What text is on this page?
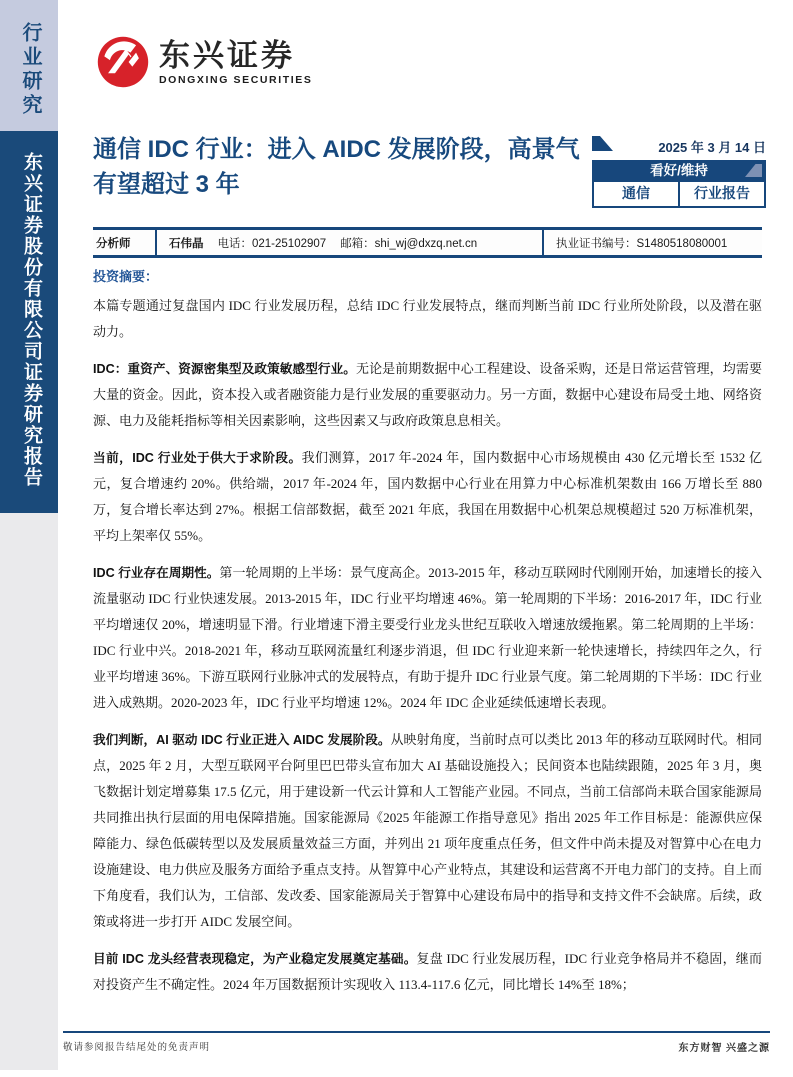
行业研究
东兴证券股份有限公司证券研究报告
东兴证券
DONGXING SECURITIES
通信 IDC 行业：进入 AIDC 发展阶段，高景气有望超过 3 年
2025 年 3 月 14 日
看好/维持
通信	行业报告
分析师	石伟晶 电话：021-25102907 邮箱：shi_wj@dxzq.net.cn	执业证书编号：S1480518080001
投资摘要：

本篇专题通过复盘国内 IDC 行业发展历程，总结 IDC 行业发展特点，继而判断当前 IDC 行业所处阶段，以及潜在驱动力。

IDC：重资产、资源密集型及政策敏感型行业。无论是前期数据中心工程建设、设备采购，还是日常运营管理，均需要大量的资金。因此，资本投入或者融资能力是行业发展的重要驱动力。另一方面，数据中心建设布局受土地、网络资源、电力及能耗指标等相关因素影响，这些因素又与政府政策息息相关。

当前，IDC 行业处于供大于求阶段。我们测算，2017 年-2024 年，国内数据中心市场规模由 430 亿元增长至 1532 亿元，复合增速约 20%。供给端，2017 年-2024 年，国内数据中心行业在用算力中心标准机架数由 166 万增长至 880 万，复合增长率达到 27%。根据工信部数据，截至 2021 年底，我国在用数据中心机架总规模超过 520 万标准机架，平均上架率仅 55%。

IDC 行业存在周期性。第一轮周期的上半场：景气度高企。2013-2015 年，移动互联网时代刚刚开始，加速增长的接入流量驱动 IDC 行业快速发展。2013-2015 年，IDC 行业平均增速 46%。第一轮周期的下半场：2016-2017 年，IDC 行业平均增速仅 20%，增速明显下滑。行业增速下滑主要受行业龙头世纪互联收入增速放缓拖累。第二轮周期的上半场：IDC 行业中兴。2018-2021 年，移动互联网流量红利逐步消退，但 IDC 行业迎来新一轮快速增长，持续四年之久，行业平均增速 36%。下游互联网行业脉冲式的发展特点，有助于提升 IDC 行业景气度。第二轮周期的下半场：IDC 行业进入成熟期。2020-2023 年，IDC 行业平均增速 12%。2024 年 IDC 企业延续低速增长表现。

我们判断，AI 驱动 IDC 行业正进入 AIDC 发展阶段。从映射角度，当前时点可以类比 2013 年的移动互联网时代。相同点，2025 年 2 月，大型互联网平台阿里巴巴带头宣布加大 AI 基础设施投入；民间资本也陆续跟随，2025 年 3 月，奥飞数据计划定增募集 17.5 亿元，用于建设新一代云计算和人工智能产业园。不同点，当前工信部尚未联合国家能源局共同推出执行层面的用电保障措施。国家能源局《2025 年能源工作指导意见》指出 2025 年工作目标是：能源供应保障能力、绿色低碳转型以及发展质量效益三方面，并列出 21 项年度重点任务，但文件中尚未提及对智算中心在电力设施建设、电力供应及服务方面给予重点支持。从智算中心产业特点，其建设和运营离不开电力部门的支持。自上而下角度看，我们认为，工信部、发改委、国家能源局关于智算中心建设布局中的指导和支持文件不会缺席。后续，政策或将进一步打开 AIDC 发展空间。

目前 IDC 龙头经营表现稳定，为产业稳定发展奠定基础。复盘 IDC 行业发展历程，IDC 行业竞争格局并不稳固，继而对投资产生不确定性。2024 年万国数据预计实现收入 113.4-117.6 亿元，同比增长 14%至 18%；

敬请参阅报告结尾处的免责声明	东方财智 兴盛之源
